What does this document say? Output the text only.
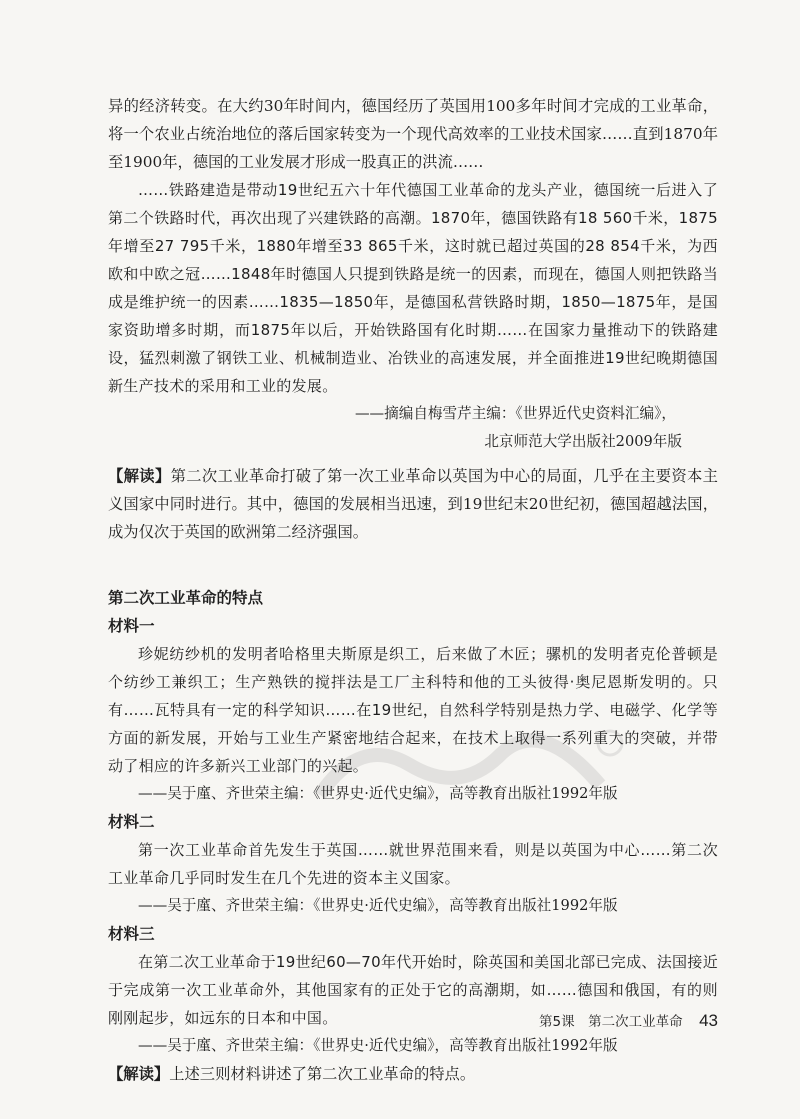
异的经济转变。在大约30年时间内，德国经历了英国用100多年时间才完成的工业革命，将一个农业占统治地位的落后国家转变为一个现代高效率的工业技术国家……直到1870年至1900年，德国的工业发展才形成一股真正的洪流……

……铁路建造是带动19世纪五六十年代德国工业革命的龙头产业，德国统一后进入了第二个铁路时代，再次出现了兴建铁路的高潮。1870年，德国铁路有18 560千米，1875年增至27 795千米，1880年增至33 865千米，这时就已超过英国的28 854千米，为西欧和中欧之冠……1848年时德国人只提到铁路是统一的因素，而现在，德国人则把铁路当成是维护统一的因素……1835—1850年，是德国私营铁路时期，1850—1875年，是国家资助增多时期，而1875年以后，开始铁路国有化时期……在国家力量推动下的铁路建设，猛烈刺激了钢铁工业、机械制造业、冶铁业的高速发展，并全面推进19世纪晚期德国新生产技术的采用和工业的发展。

——摘编自梅雪芹主编：《世界近代史资料汇编》，

北京师范大学出版社2009年版

【解读】第二次工业革命打破了第一次工业革命以英国为中心的局面，几乎在主要资本主义国家中同时进行。其中，德国的发展相当迅速，到19世纪末20世纪初，德国超越法国，成为仅次于英国的欧洲第二经济强国。

第二次工业革命的特点
材料一

珍妮纺纱机的发明者哈格里夫斯原是织工，后来做了木匠；骡机的发明者克伦普顿是个纺纱工兼织工；生产熟铁的搅拌法是工厂主科特和他的工头彼得·奥尼恩斯发明的。只有……瓦特具有一定的科学知识……在19世纪，自然科学特别是热力学、电磁学、化学等方面的新发展，开始与工业生产紧密地结合起来，在技术上取得一系列重大的突破，并带动了相应的许多新兴工业部门的兴起。

——吴于廑、齐世荣主编：《世界史·近代史编》，高等教育出版社1992年版

材料二

第一次工业革命首先发生于英国……就世界范围来看，则是以英国为中心……第二次工业革命几乎同时发生在几个先进的资本主义国家。

——吴于廑、齐世荣主编：《世界史·近代史编》，高等教育出版社1992年版

材料三

在第二次工业革命于19世纪60—70年代开始时，除英国和美国北部已完成、法国接近于完成第一次工业革命外，其他国家有的正处于它的高潮期，如……德国和俄国，有的则刚刚起步，如远东的日本和中国。

——吴于廑、齐世荣主编：《世界史·近代史编》，高等教育出版社1992年版

【解读】上述三则材料讲述了第二次工业革命的特点。

第5课　第二次工业革命 43
